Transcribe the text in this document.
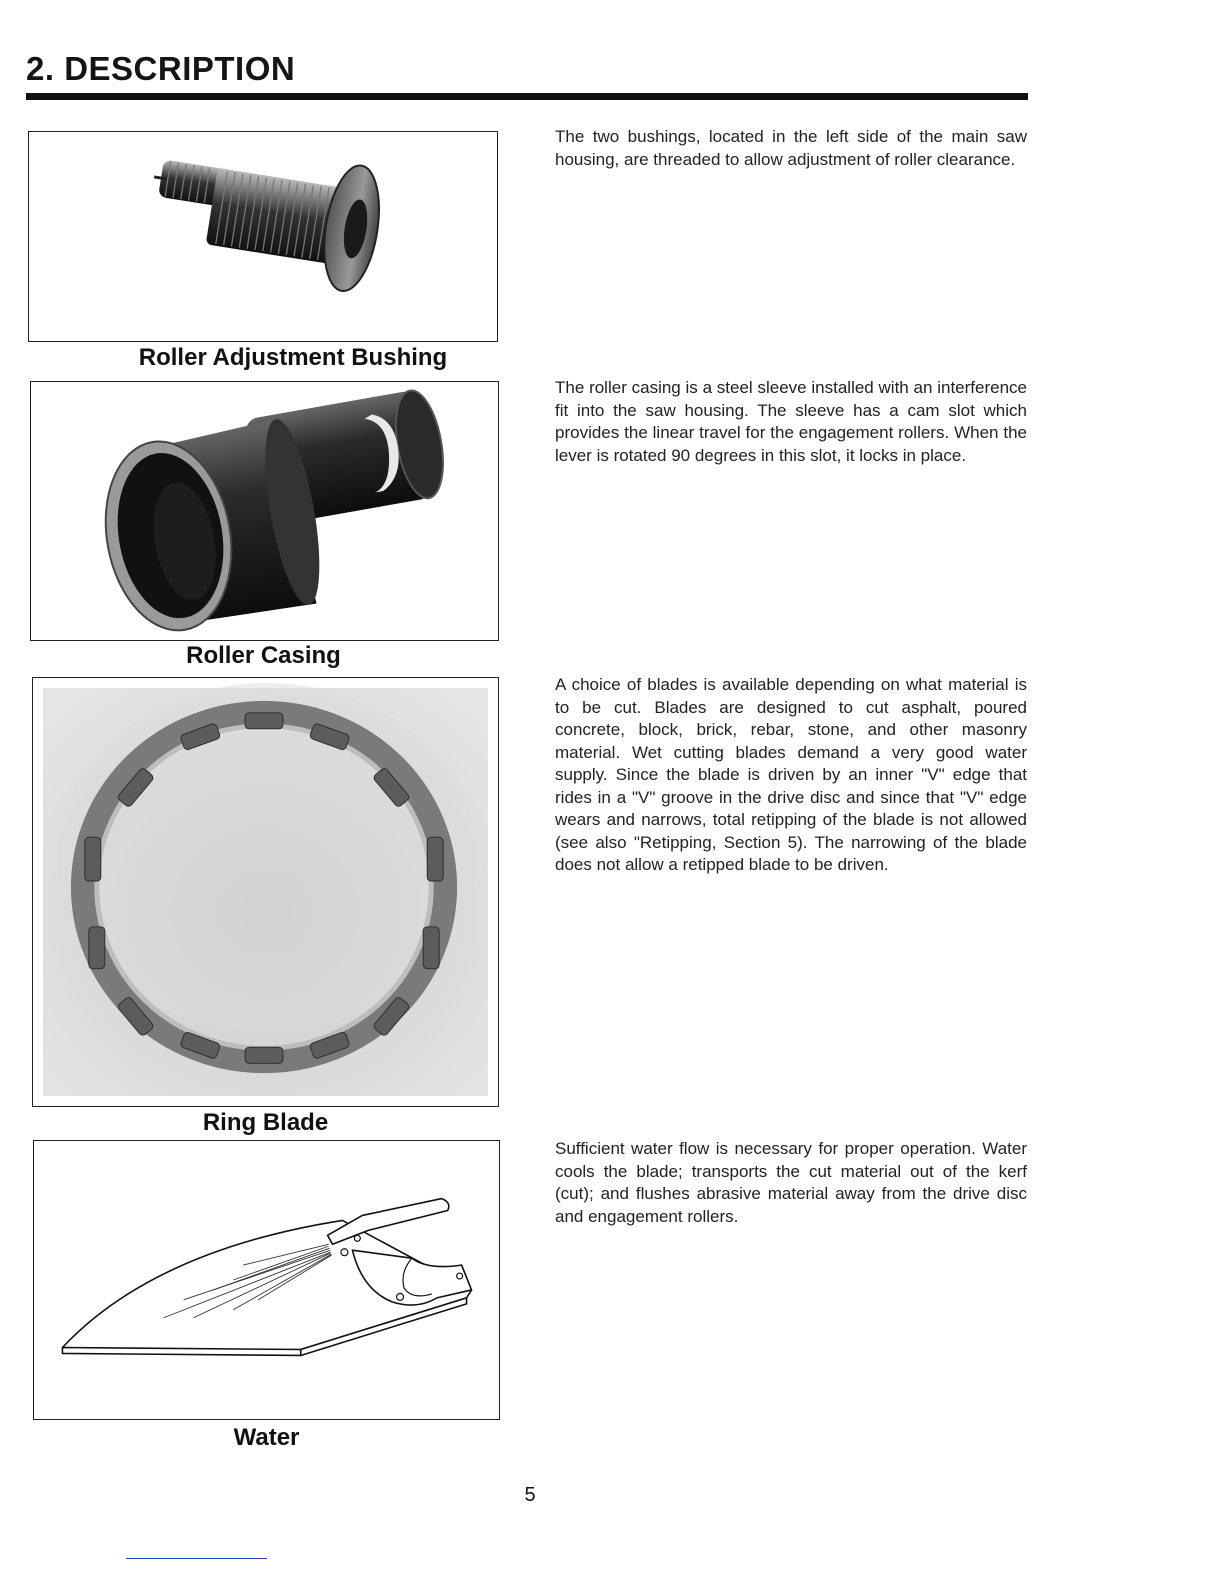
2. DESCRIPTION
Roller Adjustment Bushing

The two bushings, located in the left side of the main saw housing, are threaded to allow adjustment of roller clearance.

Roller Casing

The roller casing is a steel sleeve installed with an interference fit into the saw housing. The sleeve has a cam slot which provides the linear travel for the engagement rollers. When the lever is rotated 90 degrees in this slot, it locks in place.

Ring Blade

A choice of blades is available depending on what material is to be cut. Blades are designed to cut asphalt, poured concrete, block, brick, rebar, stone, and other masonry material. Wet cutting blades demand a very good water supply. Since the blade is driven by an inner "V" edge that rides in a "V" groove in the drive disc and since that "V" edge wears and narrows, total retipping of the blade is not allowed (see also "Retipping, Section 5). The narrowing of the blade does not allow a retipped blade to be driven.

Water

Sufficient water flow is necessary for proper operation. Water cools the blade; transports the cut material out of the kerf (cut); and flushes abrasive material away from the drive disc and engagement rollers.

5
